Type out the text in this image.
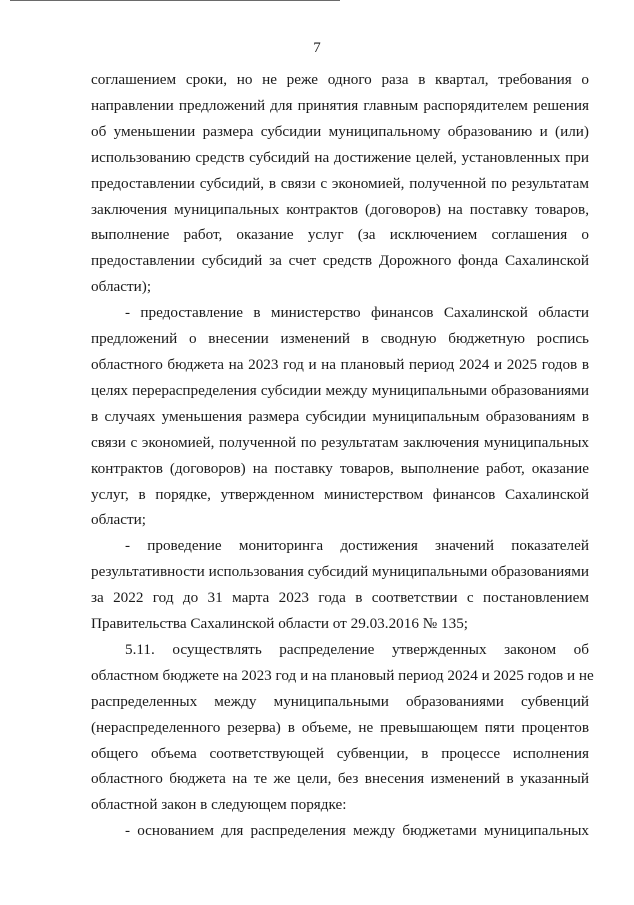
7

соглашением сроки, но не реже одного раза в квартал, требования о
направлении предложений для принятия главным распорядителем решения
об уменьшении размера субсидии муниципальному образованию и (или)
использованию средств субсидий на достижение целей, установленных при
предоставлении субсидий, в связи с экономией, полученной по результатам
заключения муниципальных контрактов (договоров) на поставку товаров,
выполнение работ, оказание услуг (за исключением соглашения о
предоставлении субсидий за счет средств Дорожного фонда Сахалинской
области);

- предоставление в министерство финансов Сахалинской области
предложений о внесении изменений в сводную бюджетную роспись
областного бюджета на 2023 год и на плановый период 2024 и 2025 годов в
целях перераспределения субсидии между муниципальными образованиями
в случаях уменьшения размера субсидии муниципальным образованиям в
связи с экономией, полученной по результатам заключения муниципальных
контрактов (договоров) на поставку товаров, выполнение работ, оказание
услуг, в порядке, утвержденном министерством финансов Сахалинской
области;

- проведение мониторинга достижения значений показателей
результативности использования субсидий муниципальными образованиями
за 2022 год до 31 марта 2023 года в соответствии с постановлением
Правительства Сахалинской области от 29.03.2016 № 135;

5.11. осуществлять распределение утвержденных законом об
областном бюджете на 2023 год и на плановый период 2024 и 2025 годов и не
распределенных между муниципальными образованиями субвенций
(нераспределенного резерва) в объеме, не превышающем пяти процентов
общего объема соответствующей субвенции, в процессе исполнения
областного бюджета на те же цели, без внесения изменений в указанный
областной закон в следующем порядке:

- основанием для распределения между бюджетами муниципальных
